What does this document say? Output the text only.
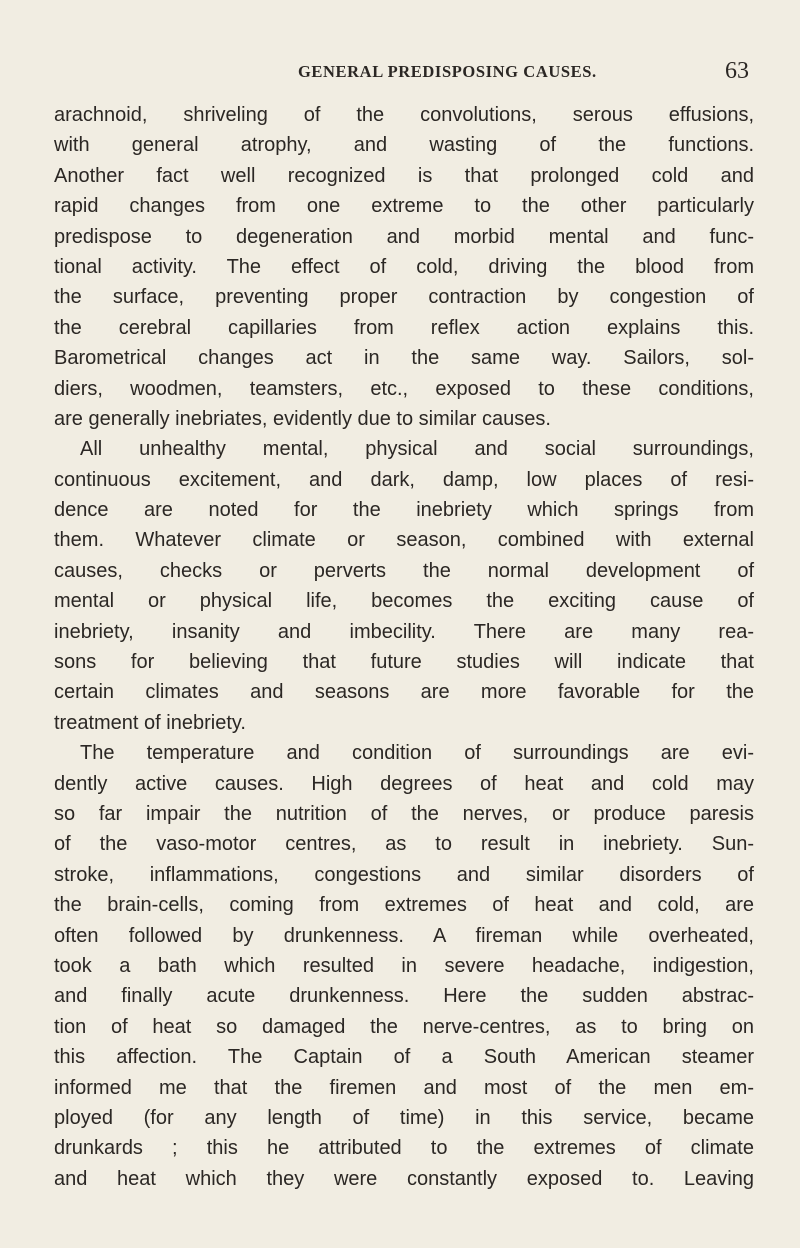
GENERAL PREDISPOSING CAUSES.	63
arachnoid, shriveling of the convolutions, serous effusions,
with general atrophy, and wasting of the functions.
Another fact well recognized is that prolonged cold and
rapid changes from one extreme to the other particularly
predispose to degeneration and morbid mental and func-
tional activity. The effect of cold, driving the blood from
the surface, preventing proper contraction by congestion of
the cerebral capillaries from reflex action explains this.
Barometrical changes act in the same way. Sailors, sol-
diers, woodmen, teamsters, etc., exposed to these conditions,
are generally inebriates, evidently due to similar causes.
All unhealthy mental, physical and social surroundings,
continuous excitement, and dark, damp, low places of resi-
dence are noted for the inebriety which springs from
them. Whatever climate or season, combined with external
causes, checks or perverts the normal development of
mental or physical life, becomes the exciting cause of
inebriety, insanity and imbecility. There are many rea-
sons for believing that future studies will indicate that
certain climates and seasons are more favorable for the
treatment of inebriety.
The temperature and condition of surroundings are evi-
dently active causes. High degrees of heat and cold may
so far impair the nutrition of the nerves, or produce paresis
of the vaso-motor centres, as to result in inebriety. Sun-
stroke, inflammations, congestions and similar disorders of
the brain-cells, coming from extremes of heat and cold, are
often followed by drunkenness. A fireman while overheated,
took a bath which resulted in severe headache, indigestion,
and finally acute drunkenness. Here the sudden abstrac-
tion of heat so damaged the nerve-centres, as to bring on
this affection. The Captain of a South American steamer
informed me that the firemen and most of the men em-
ployed (for any length of time) in this service, became
drunkards ; this he attributed to the extremes of climate
and heat which they were constantly exposed to. Leaving
